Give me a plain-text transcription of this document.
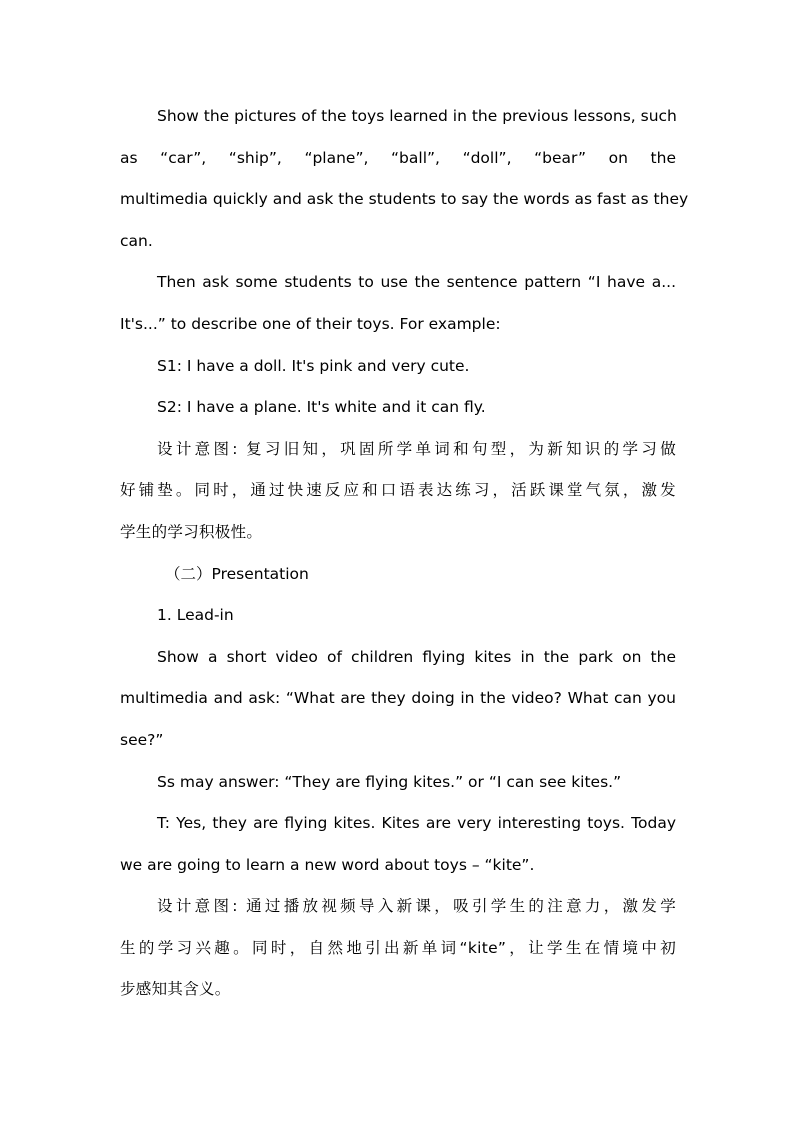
Show the pictures of the toys learned in the previous lessons, such
as “car”, “ship”, “plane”, “ball”, “doll”, “bear” on the
multimedia quickly and ask the students to say the words as fast as they
can.
Then ask some students to use the sentence pattern “I have a...
It's...” to describe one of their toys. For example:
S1: I have a doll. It's pink and very cute.
S2: I have a plane. It's white and it can fly.
设计意图: 复习旧知，巩固所学单词和句型，为新知识的学习做
好铺垫。同时，通过快速反应和口语表达练习，活跃课堂气氛，激发
学生的学习积极性。
（二）Presentation
1. Lead-in
Show a short video of children flying kites in the park on the
multimedia and ask: “What are they doing in the video? What can you
see?”
Ss may answer: “They are flying kites.” or “I can see kites.”
T: Yes, they are flying kites. Kites are very interesting toys. Today
we are going to learn a new word about toys – “kite”.
设计意图: 通过播放视频导入新课，吸引学生的注意力，激发学
生的学习兴趣。同时，自然地引出新单词“kite”，让学生在情境中初
步感知其含义。
